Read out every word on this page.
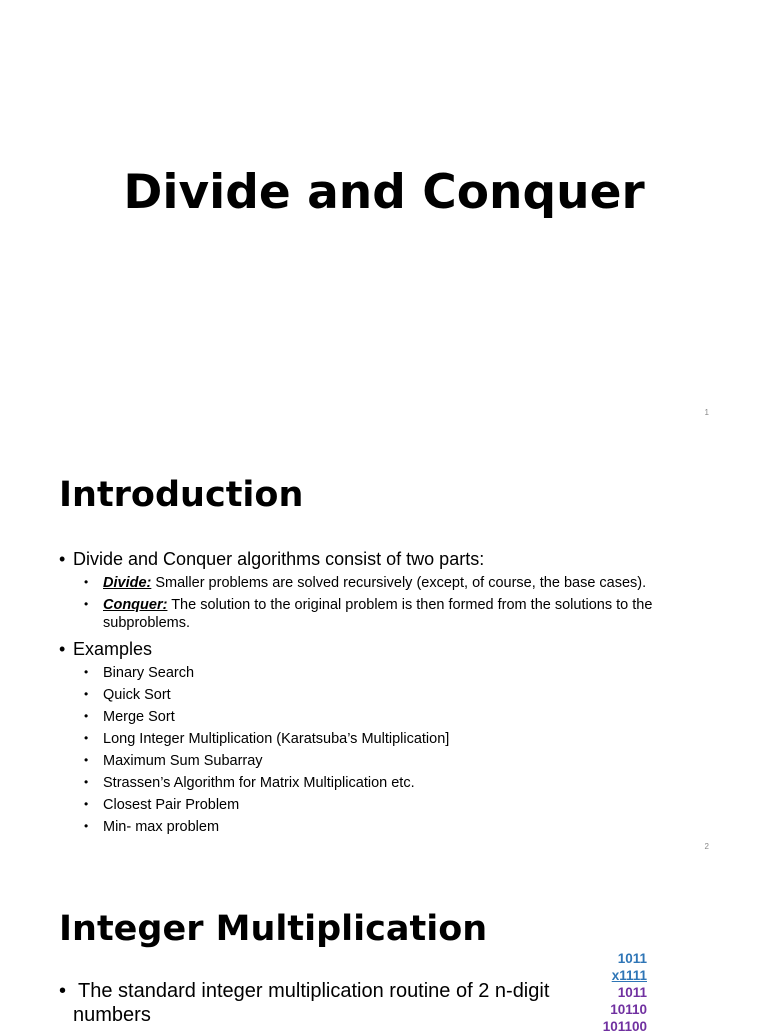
Divide and Conquer
1
Introduction
• Divide and Conquer algorithms consist of two parts:
• Divide: Smaller problems are solved recursively (except, of course, the base cases).
• Conquer: The solution to the original problem is then formed from the solutions to the
subproblems.
• Examples
• Binary Search
• Quick Sort
• Merge Sort
• Long Integer Multiplication (Karatsuba’s Multiplication]
• Maximum Sum Subarray
• Strassen’s Algorithm for Matrix Multiplication etc.
• Closest Pair Problem
• Min- max problem
2
Integer Multiplication
• The standard integer multiplication routine of 2 n-digit
numbers
1011
x1111
1011
10110
101100
